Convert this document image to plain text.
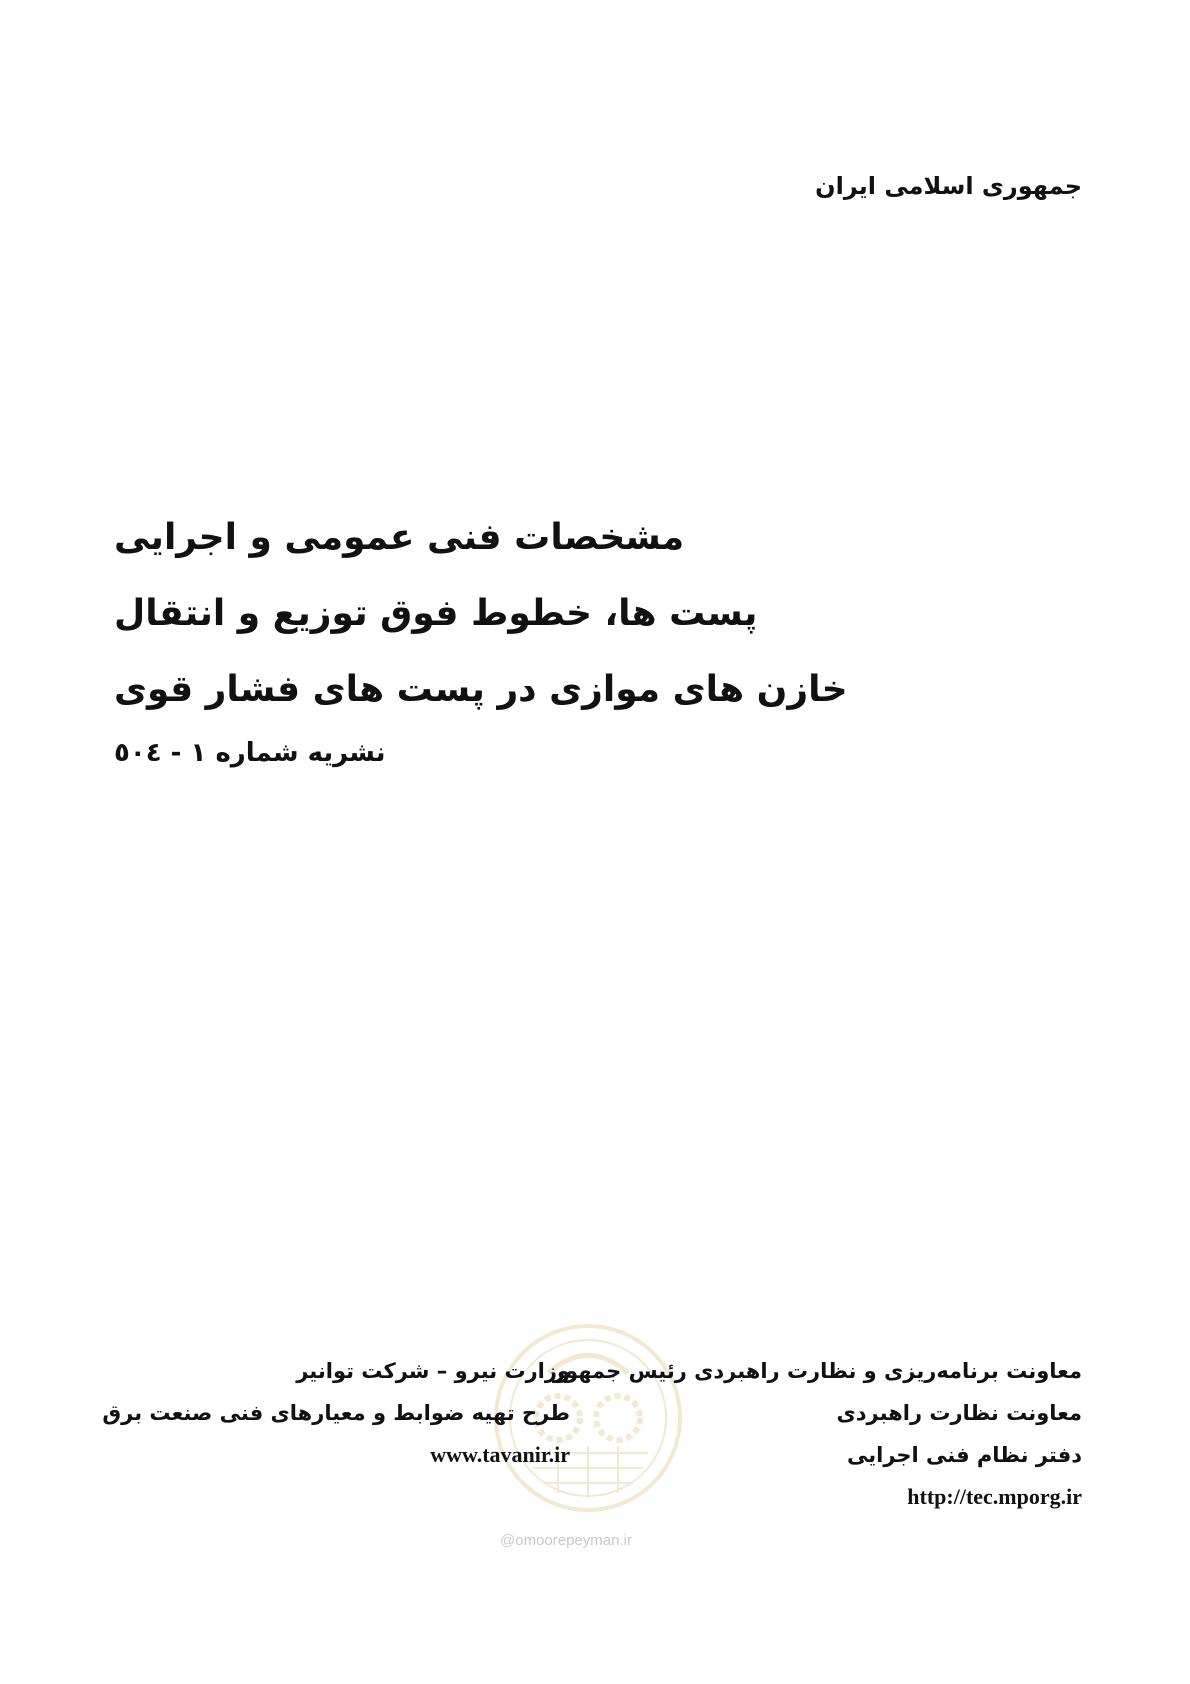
جمهوری اسلامی ایران
مشخصات فنی عمومی و اجرایی
پست ها، خطوط فوق توزیع و انتقال
خازن های موازی در پست های فشار قوی
نشریه شماره ۱ - ٥٠٤
@omoorepeyman.ir
معاونت برنامه‌ریزی و نظارت راهبردی رئیس جمهور
معاونت نظارت راهبردی
دفتر نظام فنی اجرایی
http://tec.mporg.ir
وزارت نیرو – شرکت توانیر
طرح تهیه ضوابط و معیارهای فنی صنعت برق
www.tavanir.ir
